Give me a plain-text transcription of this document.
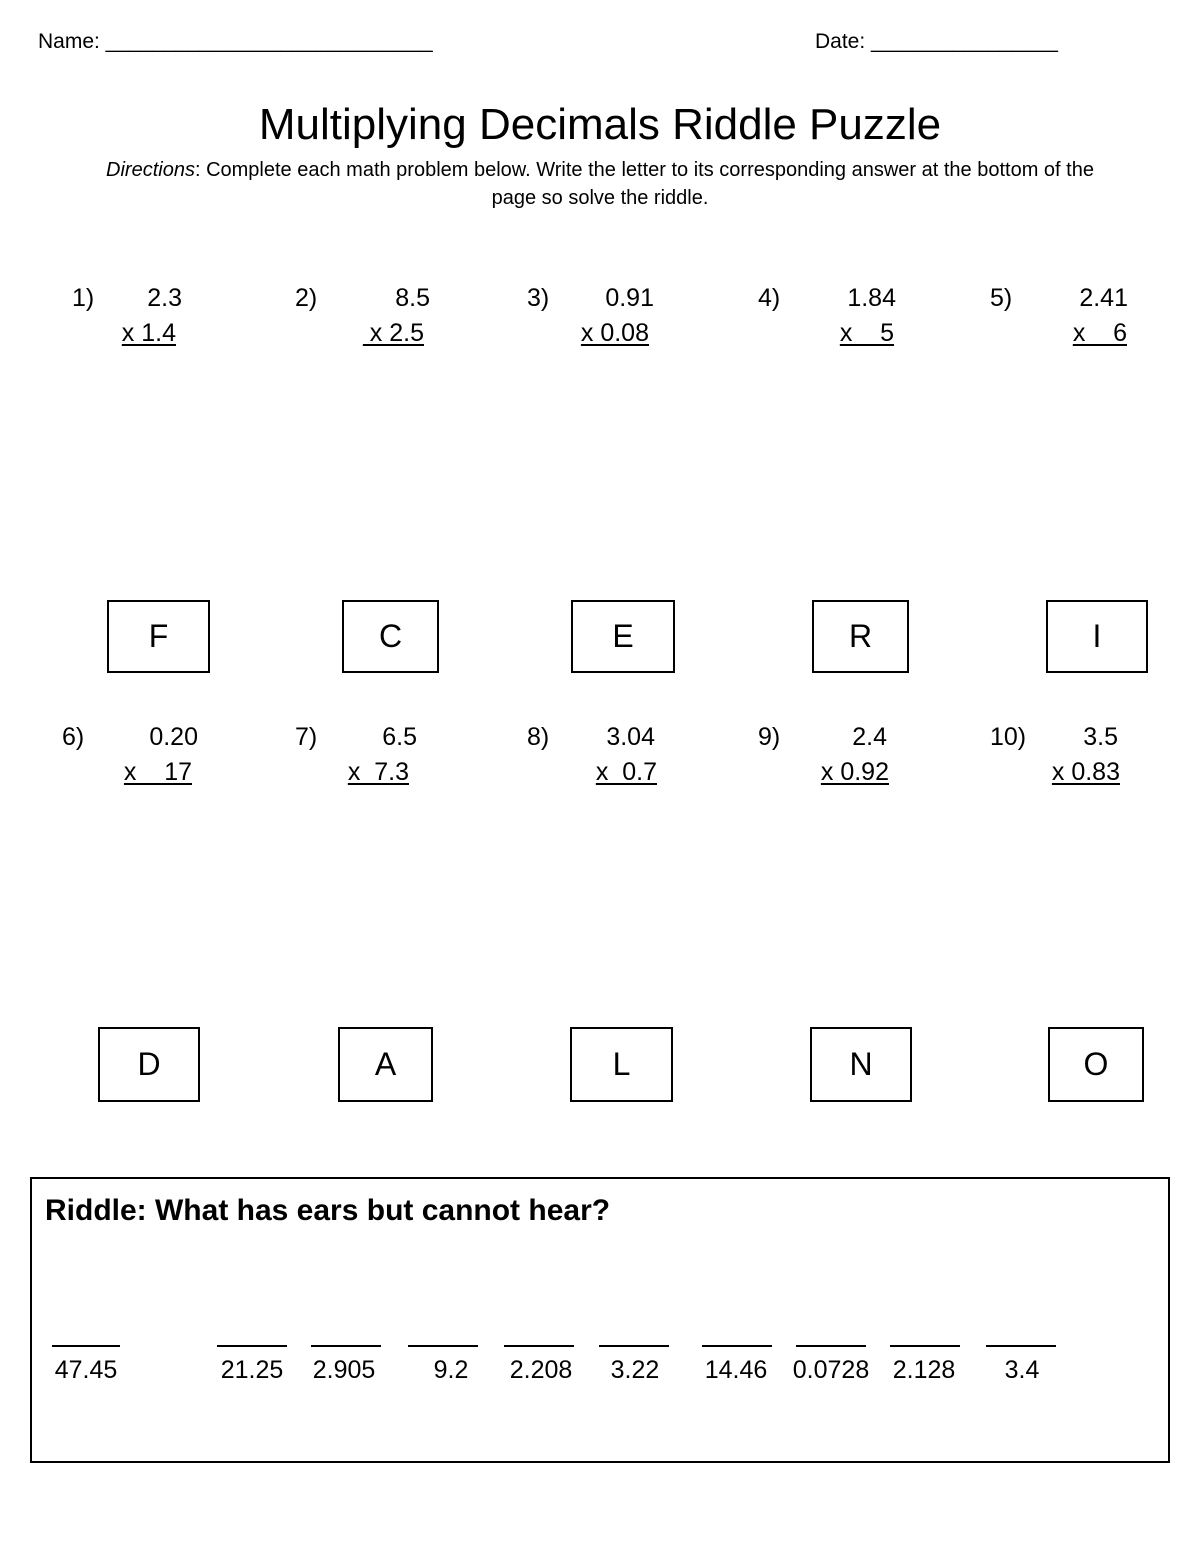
Name: ____________________________	Date: ________________
Multiplying Decimals Riddle Puzzle
Directions: Complete each math problem below. Write the letter to its corresponding answer at the bottom of the page so solve the riddle.

1)

2.3

x 1.4

2)

	8.5

x 2.5

3)

0.91

x 0.08

4)

	1.84

x    5

5)

	2.41

x    6

F	C	E	R	I

6)

	0.20

x    17

7)

	6.5

x  7.3

8)

3.04

x  0.7

9)

	2.4

x 0.92

10)

3.5

x 0.83

D	A	L	N	O
Riddle: What has ears but cannot hear?

47.45

	21.25

	2.905

	9.2

	2.208

	3.22

	14.46

	0.0728

2.128

	3.4
